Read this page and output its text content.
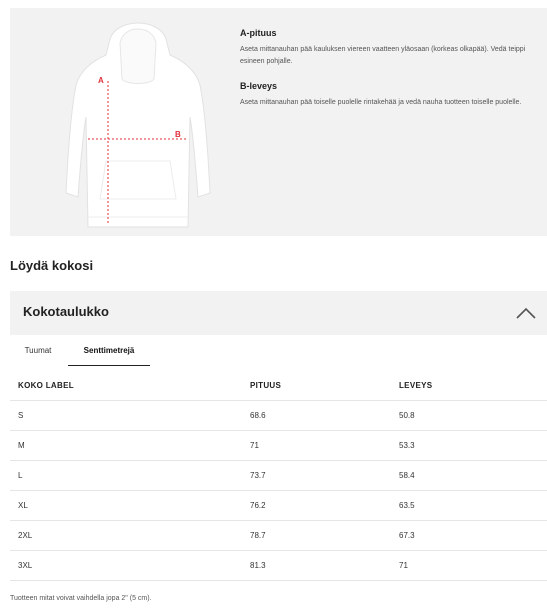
A
B

A-pituus

Aseta mittanauhan pää kauluksen viereen vaatteen yläosaan (korkeas olkapää). Vedä teippi esineen pohjalle.

B-leveys

Aseta mittanauhan pää toiselle puolelle rintakehää ja vedä nauha tuotteen toiselle puolelle.

Löydä kokosi
Kokotaulukko
Tuumat	Senttimetrejä
KOKO LABEL	PITUUS	LEVEYS
S	68.6	50.8
M	71	53.3
L	73.7	58.4
XL	76.2	63.5
2XL	78.7	67.3
3XL	81.3	71
Tuotteen mitat voivat vaihdella jopa 2" (5 cm).
